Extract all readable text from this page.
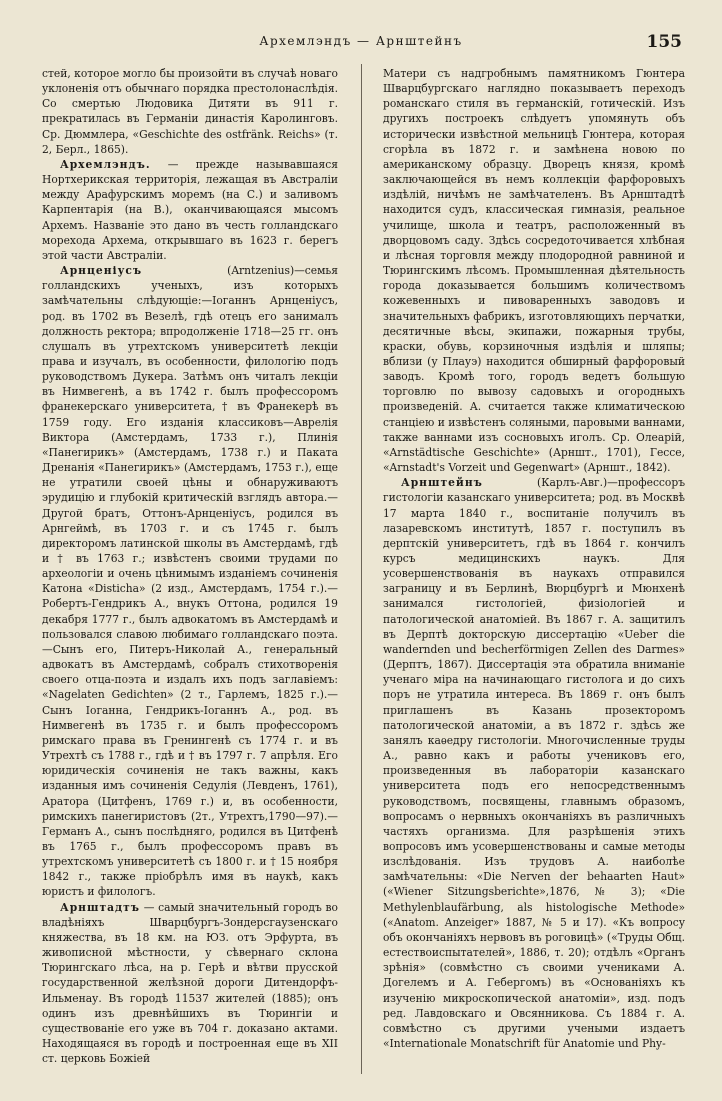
Архемлэндъ — Арнштейнъ	155

стей, которое могло бы произойти въ случаѣ новаго уклоненія отъ обычнаго порядка престолонаслѣдія. Со смертью Людовика Дитяти въ 911 г. прекратилась въ Германіи династія Каролинговъ. Ср. Дюммлера, «Geschichte des ostfränk. Reichs» (т. 2, Берл., 1865).

Архемлэндъ. — прежде называвшаяся Нортхерикская территорія, лежащая въ Австраліи между Арафурскимъ моремъ (на С.) и заливомъ Карпентарія (на В.), оканчивающаяся мысомъ Архемъ. Названіе это дано въ честь голландскаго мореходa Архема, открывшаго въ 1623 г. берегъ этой части Австраліи.

Арнценіусъ (Arntzenius)—семья голландскихъ ученыхъ, изъ которыхъ замѣчательны слѣдующіе:—Іоганнъ Арнценіусъ, род. въ 1702 въ Везелѣ, гдѣ отецъ его занималъ должность ректора; впродолженіе 1718—25 гг. онъ слушалъ въ утрехтскомъ университетѣ лекціи права и изучалъ, въ особенности, филологію подъ руководствомъ Дукера. Затѣмъ онъ читалъ лекціи въ Нимвегенѣ, а въ 1742 г. былъ профессоромъ франекерскаго университета, † въ Франекерѣ въ 1759 году. Его изданія классиковъ—Аврелія Виктора (Амстердамъ, 1733 г.), Плинія «Панегирикъ» (Амстердамъ, 1738 г.) и Паката Дренанія «Панегирикъ» (Амстердамъ, 1753 г.), еще не утратили своей цѣны и обнаруживаютъ эрудицію и глубокій критическій взглядъ автора.—Другой братъ, Оттонъ-Арнценіусъ, родился въ Арнгеймѣ, въ 1703 г. и съ 1745 г. былъ директоромъ латинской школы въ Амстердамѣ, гдѣ и † въ 1763 г.; извѣстенъ своими трудами по археологіи и очень цѣнимымъ изданіемъ сочиненія Катона «Disticha» (2 изд., Амстердамъ, 1754 г.).—Робертъ-Гендрикъ А., внукъ Оттона, родился 19 декабря 1777 г., былъ адвокатомъ въ Амстердамѣ и пользовался славою любимаго голландскаго поэта.—Сынъ его, Питеръ-Николай А., генеральный адвокатъ въ Амстердамѣ, собралъ стихотворенія своего отца-поэта и издалъ ихъ подъ заглавіемъ: «Nagelaten Gedichten» (2 т., Гарлемъ, 1825 г.).—Сынъ Іоганна, Гендрикъ-Іоганнъ А., род. въ Нимвегенѣ въ 1735 г. и былъ профессоромъ римскаго права въ Гренингенѣ съ 1774 г. и въ Утрехтѣ съ 1788 г., гдѣ и † въ 1797 г. 7 апрѣля. Его юридическія сочиненія не такъ важны, какъ изданныя имъ сочиненія Седулія (Левденъ, 1761), Аратора (Цитфенъ, 1769 г.) и, въ особенности, римскихъ панегиристовъ (2т., Утрехтъ,1790—97).—Германъ А., сынъ послѣдняго, родился въ Цитфенѣ въ 1765 г., былъ профессоромъ правъ въ утрехтскомъ университетѣ съ 1800 г. и † 15 ноября 1842 г., также пріобрѣлъ имя въ наукѣ, какъ юристъ и филологъ.

Арнштадтъ — самый значительный городъ во владѣніяхъ Шварцбургъ-Зондерсгаузенскаго княжества, въ 18 км. на ЮЗ. отъ Эрфурта, въ живописной мѣстности, у сѣвернаго склона Тюрингскаго лѣса, на р. Герѣ и вѣтви прусской государственной желѣзной дороги Дитендорфъ-Ильменау. Въ городѣ 11537 жителей (1885); онъ одинъ изъ древнѣйшихъ въ Тюрингіи и существованіе его уже въ 704 г. доказано актами. Находящаяся въ городѣ и построенная еще въ XII ст. церковь Божіей

Матери съ надгробнымъ памятникомъ Гюнтера Шварцбургскаго наглядно показываетъ переходъ романскаго стиля въ германскій, готическій. Изъ другихъ построекъ слѣдуетъ упомянуть объ исторически извѣстной мельницѣ Гюнтера, которая сгорѣла въ 1872 г. и замѣнена новою по американскому образцу. Дворецъ князя, кромѣ заключающейся въ немъ коллекціи фарфоровыхъ издѣлій, ничѣмъ не замѣчателенъ. Въ Арнштадтѣ находится судъ, классическая гимназія, реальное училище, школа и театръ, расположенный въ дворцовомъ саду. Здѣсь сосредоточивается хлѣбная и лѣсная торговля между плодородной равниной и Тюрингскимъ лѣсомъ. Промышленная дѣятельность города доказывается большимъ количествомъ кожевенныхъ и пивоваренныхъ заводовъ и значительныхъ фабрикъ, изготовляющихъ перчатки, десятичные вѣсы, экипажи, пожарныя трубы, краски, обувь, корзиночныя издѣлія и шляпы; вблизи (у Плауэ) находится обширный фарфоровый заводъ. Кромѣ того, городъ ведетъ большую торговлю по вывозу садовыхъ и огородныхъ произведеній. А. считается также климатическою станціею и извѣстенъ соляными, паровыми ваннами, также ваннами изъ сосновыхъ иголъ. Ср. Олеарій, «Arnstädtische Geschichte» (Арншт., 1701), Гессе, «Arnstadt's Vorzeit und Gegenwart» (Арншт., 1842).

Арнштейнъ (Карлъ-Авг.)—профессоръ гистологіи казанскаго университета; род. въ Москвѣ 17 марта 1840 г., воспитаніе получилъ въ лазаревскомъ институтѣ, 1857 г. поступилъ въ дерптскій университетъ, гдѣ въ 1864 г. кончилъ курсъ медицинскихъ наукъ. Для усовершенствованія въ наукахъ отправился заграницу и въ Берлинѣ, Вюрцбургѣ и Мюнхенѣ занимался гистологіей, физіологіей и патологической анатоміей. Въ 1867 г. А. защитилъ въ Дерптѣ докторскую диссертацію «Ueber die wandernden und becherförmigen Zellen des Darmes» (Дерптъ, 1867). Диссертація эта обратила вниманіе ученаго міра на начинающаго гистолога и до сихъ поръ не утратила интереса. Въ 1869 г. онъ былъ приглашенъ въ Казань прозекторомъ патологической анатоміи, а въ 1872 г. здѣсь же занялъ каѳедру гистологіи. Многочисленные труды А., равно какъ и работы учениковъ его, произведенныя въ лабораторіи казанскаго университета подъ его непосредственнымъ руководствомъ, посвящены, главнымъ образомъ, вопросамъ о нервныхъ окончаніяхъ въ различныхъ частяхъ организма. Для разрѣшенія этихъ вопросовъ имъ усовершенствованы и самые методы изслѣдованія. Изъ трудовъ А. наиболѣе замѣчательны: «Die Nerven der behaarten Haut» («Wiener Sitzungsberichte»,1876, № 3); «Die Methylenblaufärbung, als histologische Methode» («Anatom. Anzeiger» 1887, № 5 и 17). «Къ вопросу объ окончаніяхъ нервовъ въ роговицѣ» («Труды Общ. естествоиспытателей», 1886, т. 20); отдѣлъ «Органъ зрѣнія» (совмѣстно съ своими учениками А. Догелемъ и А. Гебергомъ) въ «Основаніяхъ къ изученію микроскопической анатоміи», изд. подъ ред. Лавдовскаго и Овсянникова. Съ 1884 г. А. совмѣстно съ другими учеными издаетъ «Internationale Monatschrift für Anatomie und Phy-
